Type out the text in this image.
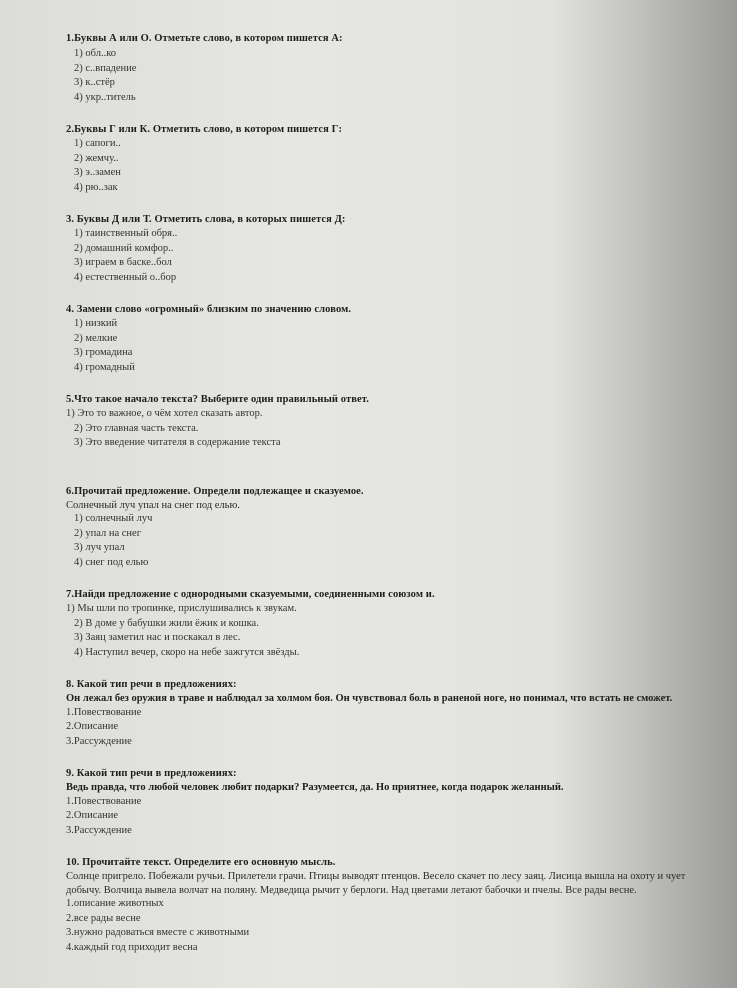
1.Буквы А или О. Отметьте слово, в котором пишется А:
1) обл..ко
2) с..впадение
3) к..стёр
4) укр..титель
2.Буквы Г или К. Отметить слово, в котором пишется Г:
1) сапоги..
2) жемчу..
3) э..замен
4) рю..зак
3. Буквы Д или Т. Отметить слова, в которых пишется Д:
1) таинственный обря..
2) домашний комфор..
3) играем в баске..бол
4) естественный о..бор
4. Замени слово «огромный» близким по значению словом.
1) низкий
2) мелкие
3) громадина
4) громадный
5.Что такое начало текста? Выберите один правильный ответ.
1) Это то важное, о чём хотел сказать автор.
2) Это главная часть текста.
3) Это введение читателя в содержание текста
6.Прочитай предложение. Определи подлежащее и сказуемое.
Солнечный луч упал на снег под елью.
1) солнечный луч
2) упал на снег
3) луч упал
4) снег под елью
7.Найди предложение с однородными сказуемыми, соединенными союзом и.
1) Мы шли по тропинке, прислушивались к звукам.
2) В доме у бабушки жили ёжик и кошка.
3) Заяц заметил нас и поскакал в лес.
4) Наступил вечер, скоро на небе зажгутся звёзды.
8. Какой тип речи в предложениях:
Он лежал без оружия в траве и наблюдал за холмом боя. Он чувствовал боль в раненой ноге, но понимал, что встать не сможет.
1.Повествование
2.Описание
3.Рассуждение
9. Какой тип речи в предложениях:
Ведь правда, что любой человек любит подарки? Разумеется, да. Но приятнее, когда подарок желанный.
1.Повествование
2.Описание
3.Рассуждение
10. Прочитайте текст. Определите его основную мысль.
Солнце пригрело. Побежали ручьи. Прилетели грачи. Птицы выводят птенцов. Весело скачет по лесу заяц. Лисица вышла на охоту и чует добычу. Волчица вывела волчат на поляну. Медведица рычит у берлоги. Над цветами летают бабочки и пчелы. Все рады весне.
1.описание животных
2.все рады весне
3.нужно радоваться вместе с животными
4.каждый год приходит весна
